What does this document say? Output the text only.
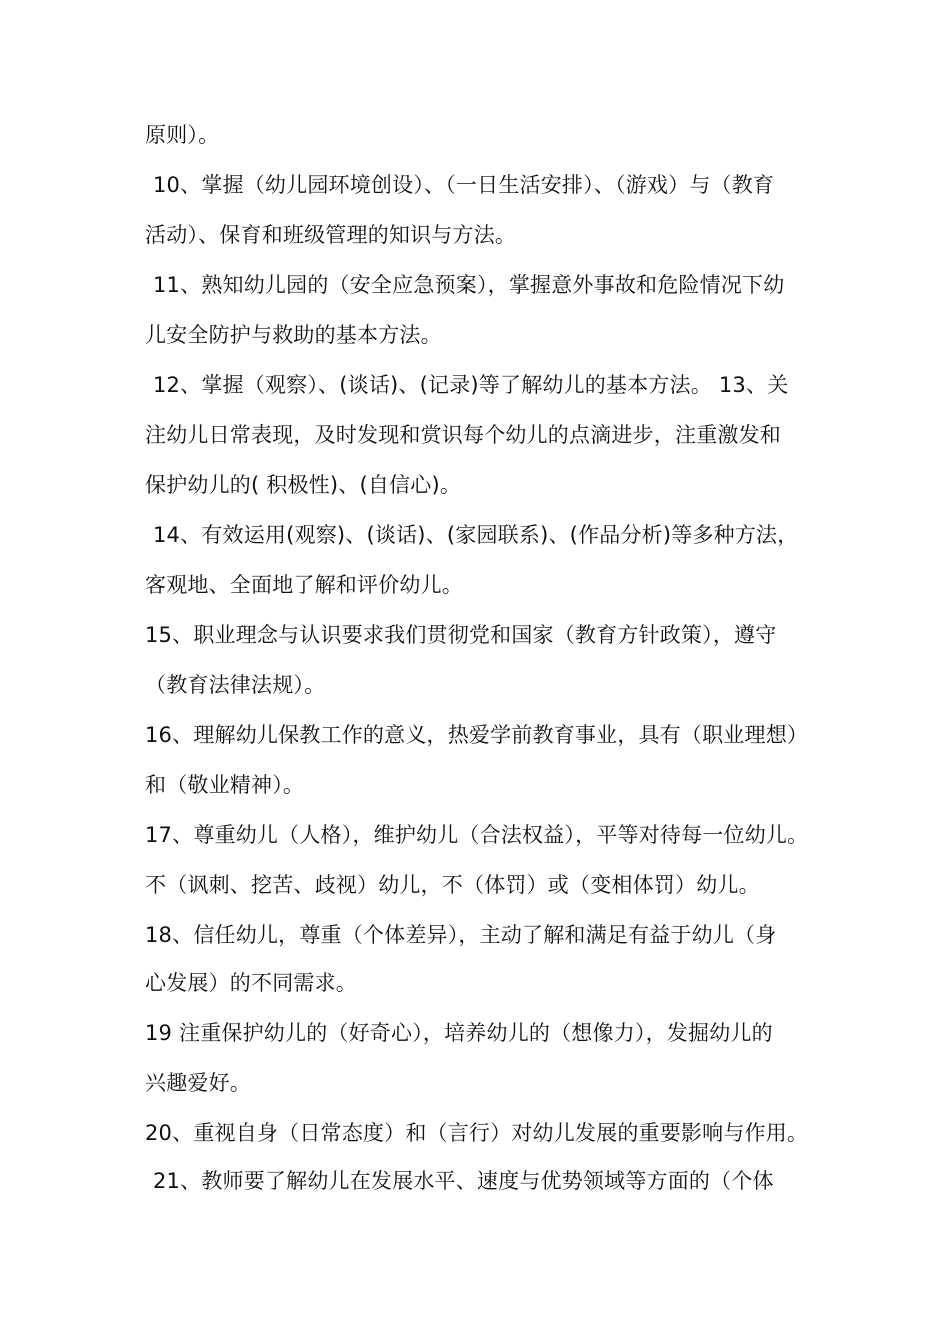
原则）。
10、掌握（幼儿园环境创设）、（一日生活安排）、（游戏）与（教育
活动）、保育和班级管理的知识与方法。
11、熟知幼儿园的（安全应急预案），掌握意外事故和危险情况下幼
儿安全防护与救助的基本方法。
12、掌握（观察）、(谈话)、(记录)等了解幼儿的基本方法。 13、关
注幼儿日常表现，及时发现和赏识每个幼儿的点滴进步，注重激发和
保护幼儿的( 积极性)、(自信心)。
14、有效运用(观察)、(谈话)、(家园联系)、(作品分析)等多种方法，
客观地、全面地了解和评价幼儿。
15、职业理念与认识要求我们贯彻党和国家（教育方针政策），遵守
（教育法律法规）。
16、理解幼儿保教工作的意义，热爱学前教育事业，具有（职业理想）
和（敬业精神）。
17、尊重幼儿（人格），维护幼儿（合法权益），平等对待每一位幼儿。
不（讽刺、挖苦、歧视）幼儿，不（体罚）或（变相体罚）幼儿。
18、信任幼儿，尊重（个体差异），主动了解和满足有益于幼儿（身
心发展）的不同需求。
19 注重保护幼儿的（好奇心），培养幼儿的（想像力），发掘幼儿的
兴趣爱好。
20、重视自身（日常态度）和（言行）对幼儿发展的重要影响与作用。
21、教师要了解幼儿在发展水平、速度与优势领域等方面的（个体
